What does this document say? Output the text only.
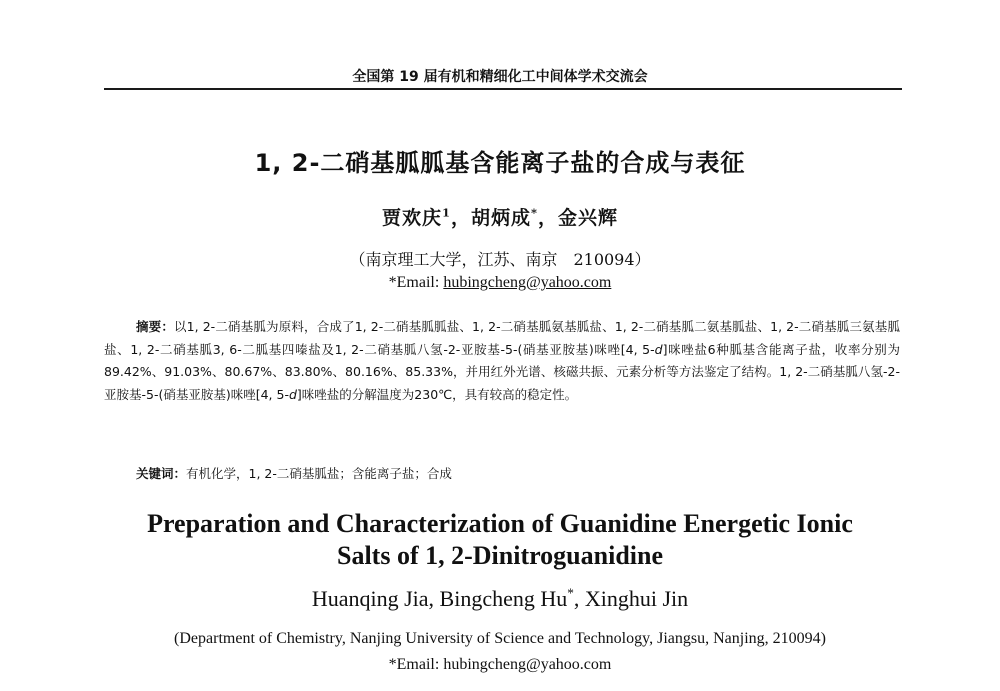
全国第 19 届有机和精细化工中间体学术交流会
1, 2-二硝基胍胍基含能离子盐的合成与表征
贾欢庆$^1$，胡炳成*，金兴辉
（南京理工大学，江苏、南京　210094）
*Email: hubingcheng@yahoo.com
摘要：以1, 2-二硝基胍为原料，合成了1, 2-二硝基胍胍盐、1, 2-二硝基胍氨基胍盐、1, 2-二硝基胍二氨基胍盐、1, 2-二硝基胍三氨基胍盐、1, 2-二硝基胍3, 6-二胍基四嗪盐及1, 2-二硝基胍八氢-2-亚胺基-5-(硝基亚胺基)咪唑[4, 5-d]咪唑盐6种胍基含能离子盐，收率分别为89.42%、91.03%、80.67%、83.80%、80.16%、85.33%，并用红外光谱、核磁共振、元素分析等方法鉴定了结构。1, 2-二硝基胍八氢-2-亚胺基-5-(硝基亚胺基)咪唑[4, 5-d]咪唑盐的分解温度为230℃，具有较高的稳定性。
关键词：有机化学，1, 2-二硝基胍盐；含能离子盐；合成
Preparation and Characterization of Guanidine Energetic Ionic
Salts of 1, 2-Dinitroguanidine
Huanqing Jia, Bingcheng Hu*, Xinghui Jin
(Department of Chemistry, Nanjing University of Science and Technology, Jiangsu, Nanjing, 210094)
*Email: hubingcheng@yahoo.com
